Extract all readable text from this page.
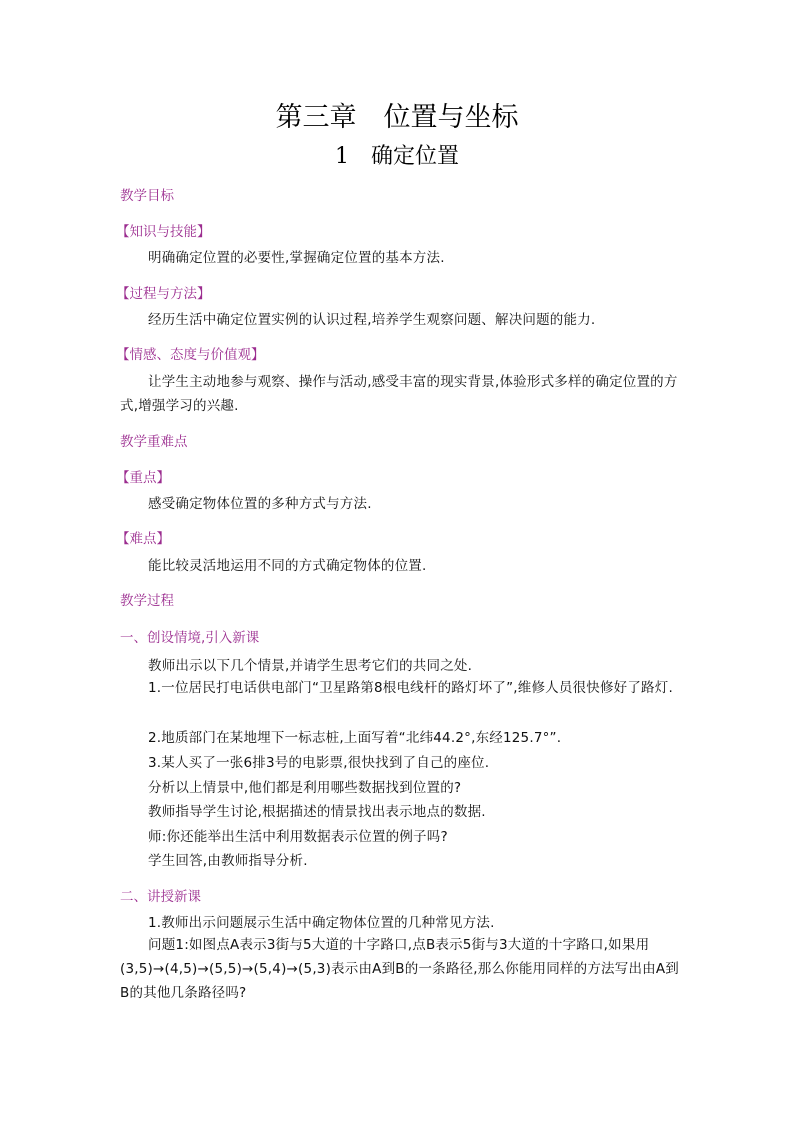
第三章　位置与坐标
1　确定位置
教学目标
【知识与技能】
明确确定位置的必要性,掌握确定位置的基本方法.
【过程与方法】
经历生活中确定位置实例的认识过程,培养学生观察问题、解决问题的能力.
【情感、态度与价值观】
让学生主动地参与观察、操作与活动,感受丰富的现实背景,体验形式多样的确定位置的方式,增强学习的兴趣.
教学重难点
【重点】
感受确定物体位置的多种方式与方法.
【难点】
能比较灵活地运用不同的方式确定物体的位置.
教学过程
一、创设情境,引入新课
教师出示以下几个情景,并请学生思考它们的共同之处.
1.一位居民打电话供电部门“卫星路第8根电线杆的路灯坏了”,维修人员很快修好了路灯.
2.地质部门在某地埋下一标志桩,上面写着“北纬44.2°,东经125.7°”.
3.某人买了一张6排3号的电影票,很快找到了自己的座位.
分析以上情景中,他们都是利用哪些数据找到位置的?
教师指导学生讨论,根据描述的情景找出表示地点的数据.
师:你还能举出生活中利用数据表示位置的例子吗?
学生回答,由教师指导分析.
二、讲授新课
1.教师出示问题展示生活中确定物体位置的几种常见方法.
问题1:如图点A表示3街与5大道的十字路口,点B表示5街与3大道的十字路口,如果用(3,5)→(4,5)→(5,5)→(5,4)→(5,3)表示由A到B的一条路径,那么你能用同样的方法写出由A到B的其他几条路径吗?
